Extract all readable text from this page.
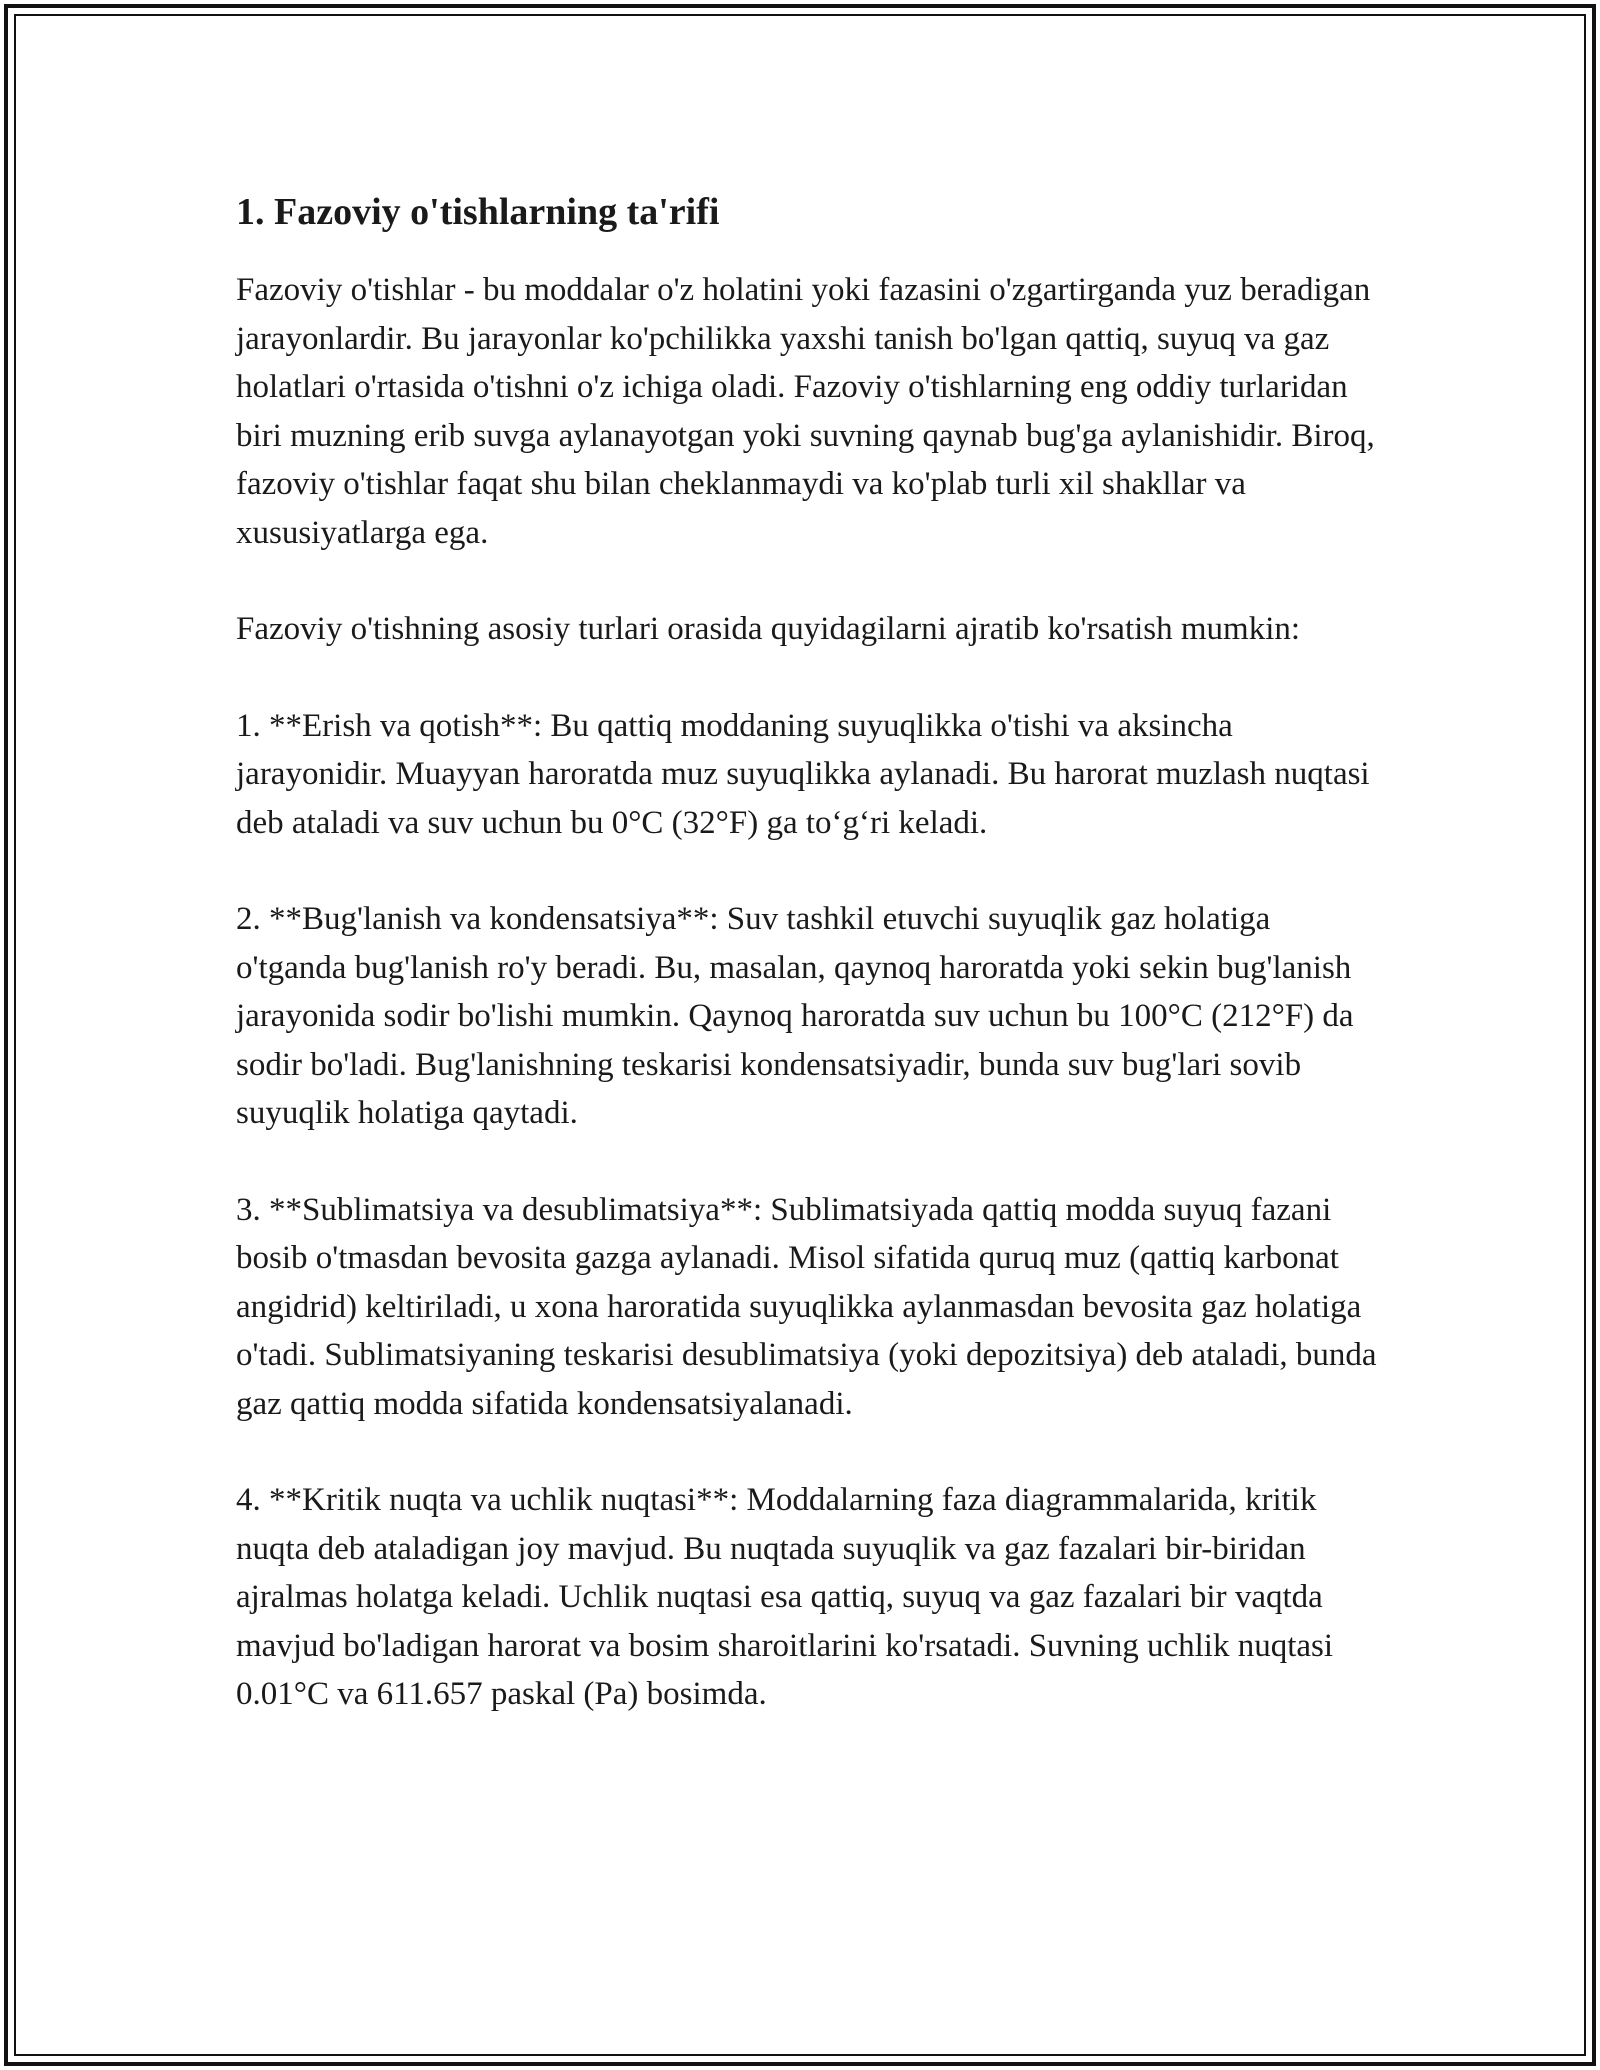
1. Fazoviy o'tishlarning ta'rifi

Fazoviy o'tishlar - bu moddalar o'z holatini yoki fazasini o'zgartirganda yuz beradigan jarayonlardir. Bu jarayonlar ko'pchilikka yaxshi tanish bo'lgan qattiq, suyuq va gaz holatlari o'rtasida o'tishni o'z ichiga oladi. Fazoviy o'tishlarning eng oddiy turlaridan biri muzning erib suvga aylanayotgan yoki suvning qaynab bug'ga aylanishidir. Biroq, fazoviy o'tishlar faqat shu bilan cheklanmaydi va ko'plab turli xil shakllar va xususiyatlarga ega.

Fazoviy o'tishning asosiy turlari orasida quyidagilarni ajratib ko'rsatish mumkin:

1. **Erish va qotish**: Bu qattiq moddaning suyuqlikka o'tishi va aksincha jarayonidir. Muayyan haroratda muz suyuqlikka aylanadi. Bu harorat muzlash nuqtasi deb ataladi va suv uchun bu 0°C (32°F) ga to‘g‘ri keladi.

2. **Bug'lanish va kondensatsiya**: Suv tashkil etuvchi suyuqlik gaz holatiga o'tganda bug'lanish ro'y beradi. Bu, masalan, qaynoq haroratda yoki sekin bug'lanish jarayonida sodir bo'lishi mumkin. Qaynoq haroratda suv uchun bu 100°C (212°F) da sodir bo'ladi. Bug'lanishning teskarisi kondensatsiyadir, bunda suv bug'lari sovib suyuqlik holatiga qaytadi.

3. **Sublimatsiya va desublimatsiya**: Sublimatsiyada qattiq modda suyuq fazani bosib o'tmasdan bevosita gazga aylanadi. Misol sifatida quruq muz (qattiq karbonat angidrid) keltiriladi, u xona haroratida suyuqlikka aylanmasdan bevosita gaz holatiga o'tadi. Sublimatsiyaning teskarisi desublimatsiya (yoki depozitsiya) deb ataladi, bunda gaz qattiq modda sifatida kondensatsiyalanadi.

4. **Kritik nuqta va uchlik nuqtasi**: Moddalarning faza diagrammalarida, kritik nuqta deb ataladigan joy mavjud. Bu nuqtada suyuqlik va gaz fazalari bir-biridan ajralmas holatga keladi. Uchlik nuqtasi esa qattiq, suyuq va gaz fazalari bir vaqtda mavjud bo'ladigan harorat va bosim sharoitlarini ko'rsatadi. Suvning uchlik nuqtasi 0.01°C va 611.657 paskal (Pa) bosimda.
